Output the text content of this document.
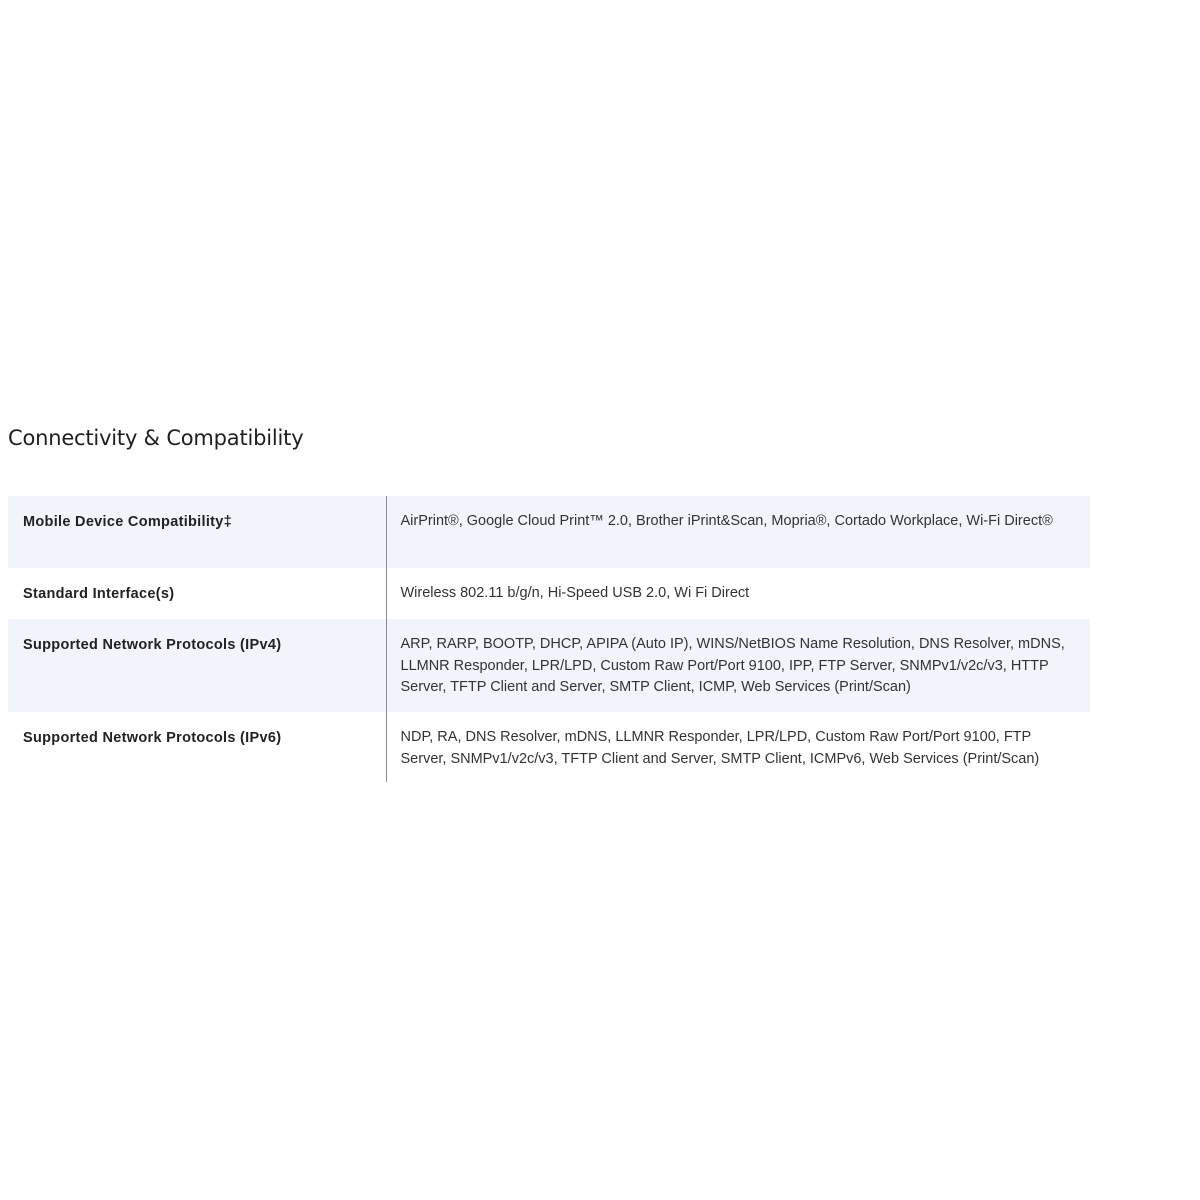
Connectivity & Compatibility
Mobile Device Compatibility‡	AirPrint®, Google Cloud Print™ 2.0, Brother iPrint&Scan, Mopria®, Cortado Workplace, Wi-Fi Direct®

Standard Interface(s)	Wireless 802.11 b/g/n, Hi-Speed USB 2.0, Wi Fi Direct

Supported Network Protocols (IPv4)	ARP, RARP, BOOTP, DHCP, APIPA (Auto IP), WINS/NetBIOS Name Resolution, DNS Resolver, mDNS, LLMNR Responder, LPR/LPD, Custom Raw Port/Port 9100, IPP, FTP Server, SNMPv1/v2c/v3, HTTP Server, TFTP Client and Server, SMTP Client, ICMP, Web Services (Print/Scan)

Supported Network Protocols (IPv6)	NDP, RA, DNS Resolver, mDNS, LLMNR Responder, LPR/LPD, Custom Raw Port/Port 9100, FTP Server, SNMPv1/v2c/v3, TFTP Client and Server, SMTP Client, ICMPv6, Web Services (Print/Scan)
